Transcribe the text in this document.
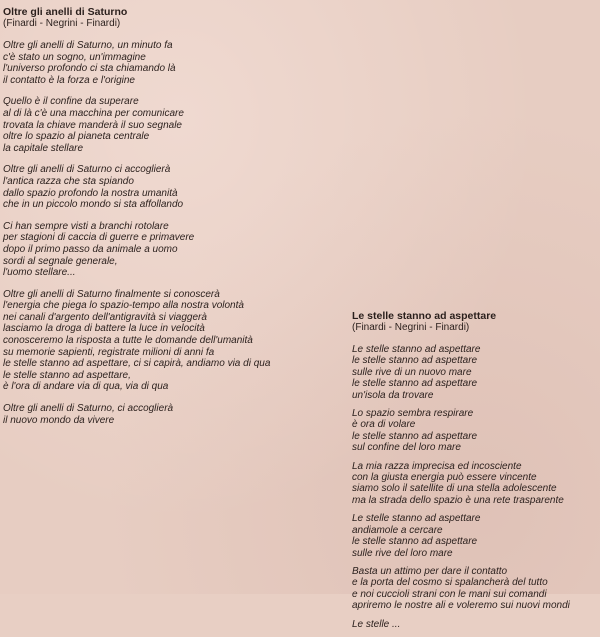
Oltre gli anelli di Saturno
(Finardi - Negrini - Finardi)
Oltre gli anelli di Saturno, un minuto fa
c'è stato un sogno, un'immagine
l'universo profondo ci sta chiamando là
il contatto è la forza e l'origine
Quello è il confine da superare
al di là c'è una macchina per comunicare
trovata la chiave manderà il suo segnale
oltre lo spazio al pianeta centrale
la capitale stellare
Oltre gli anelli di Saturno ci accoglierà
l'antica razza che sta spiando
dallo spazio profondo la nostra umanità
che in un piccolo mondo si sta affollando
Ci han sempre visti a branchi rotolare
per stagioni di caccia di guerre e primavere
dopo il primo passo da animale a uomo
sordi al segnale generale,
l'uomo stellare...
Oltre gli anelli di Saturno finalmente si conoscerà
l'energia che piega lo spazio-tempo alla nostra volontà
nei canali d'argento dell'antigravità si viaggerà
lasciamo la droga di battere la luce in velocità
conosceremo la risposta a tutte le domande dell'umanità
su memorie sapienti, registrate milioni di anni fa
le stelle stanno ad aspettare, ci si capirà, andiamo via di qua
le stelle stanno ad aspettare,
è l'ora di andare via di qua, via di qua
Oltre gli anelli di Saturno, ci accoglierà
il nuovo mondo da vivere
Le stelle stanno ad aspettare
(Finardi - Negrini - Finardi)
Le stelle stanno ad aspettare
le stelle stanno ad aspettare
sulle rive di un nuovo mare
le stelle stanno ad aspettare
un'isola da trovare
Lo spazio sembra respirare
è ora di volare
le stelle stanno ad aspettare
sul confine del loro mare
La mia razza imprecisa ed incosciente
con la giusta energia può essere vincente
siamo solo il satellite di una stella adolescente
ma la strada dello spazio è una rete trasparente
Le stelle stanno ad aspettare
andiamole a cercare
le stelle stanno ad aspettare
sulle rive del loro mare
Basta un attimo per dare il contatto
e la porta del cosmo si spalancherà del tutto
e noi cuccioli strani con le mani sui comandi
apriremo le nostre ali e voleremo sui nuovi mondi
Le stelle ...
